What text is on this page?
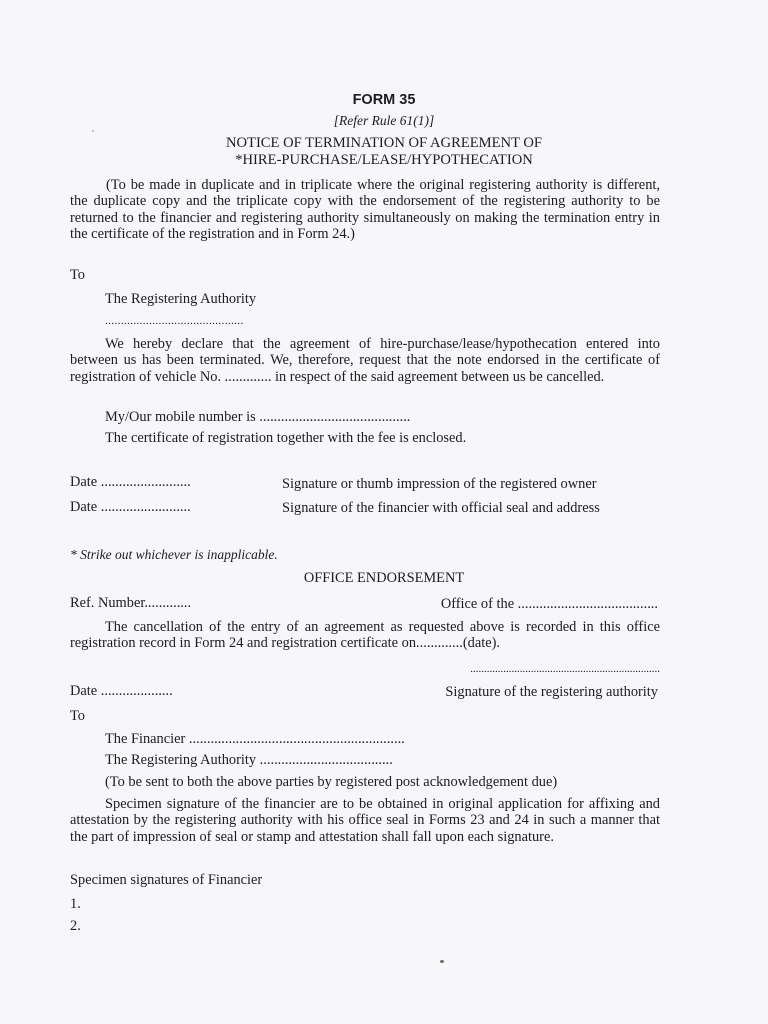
FORM 35

[Refer Rule 61(1)]

NOTICE OF TERMINATION OF AGREEMENT OF

*HIRE-PURCHASE/LEASE/HYPOTHECATION

(To be made in duplicate and in triplicate where the original registering authority is different, the duplicate copy and the triplicate copy with the endorsement of the registering authority to be returned to the financier and registering authority simultaneously on making the termination entry in the certificate of the registration and in Form 24.)

To

The Registering Authority

............................................

We hereby declare that the agreement of hire-purchase/lease/hypothecation entered into between us has been terminated. We, therefore, request that the note endorsed in the certificate of registration of vehicle No. ............. in respect of the said agreement between us be cancelled.

My/Our mobile number is ..........................................

The certificate of registration together with the fee is enclosed.

Date .........................	Signature or thumb impression of the registered owner

Date .........................	Signature of the financier with official seal and address

* Strike out whichever is inapplicable.

OFFICE ENDORSEMENT

Ref. Number.............	Office of the .......................................

The cancellation of the entry of an agreement as requested above is recorded in this office registration record in Form 24 and registration certificate on.............(date).

.....................................................................

Date ....................	Signature of the registering authority

To

The Financier ............................................................

The Registering Authority .....................................

(To be sent to both the above parties by registered post acknowledgement due)

Specimen signature of the financier are to be obtained in original application for affixing and attestation by the registering authority with his office seal in Forms 23 and 24 in such a manner that the part of impression of seal or stamp and attestation shall fall upon each signature.

Specimen signatures of Financier

1.

2.
